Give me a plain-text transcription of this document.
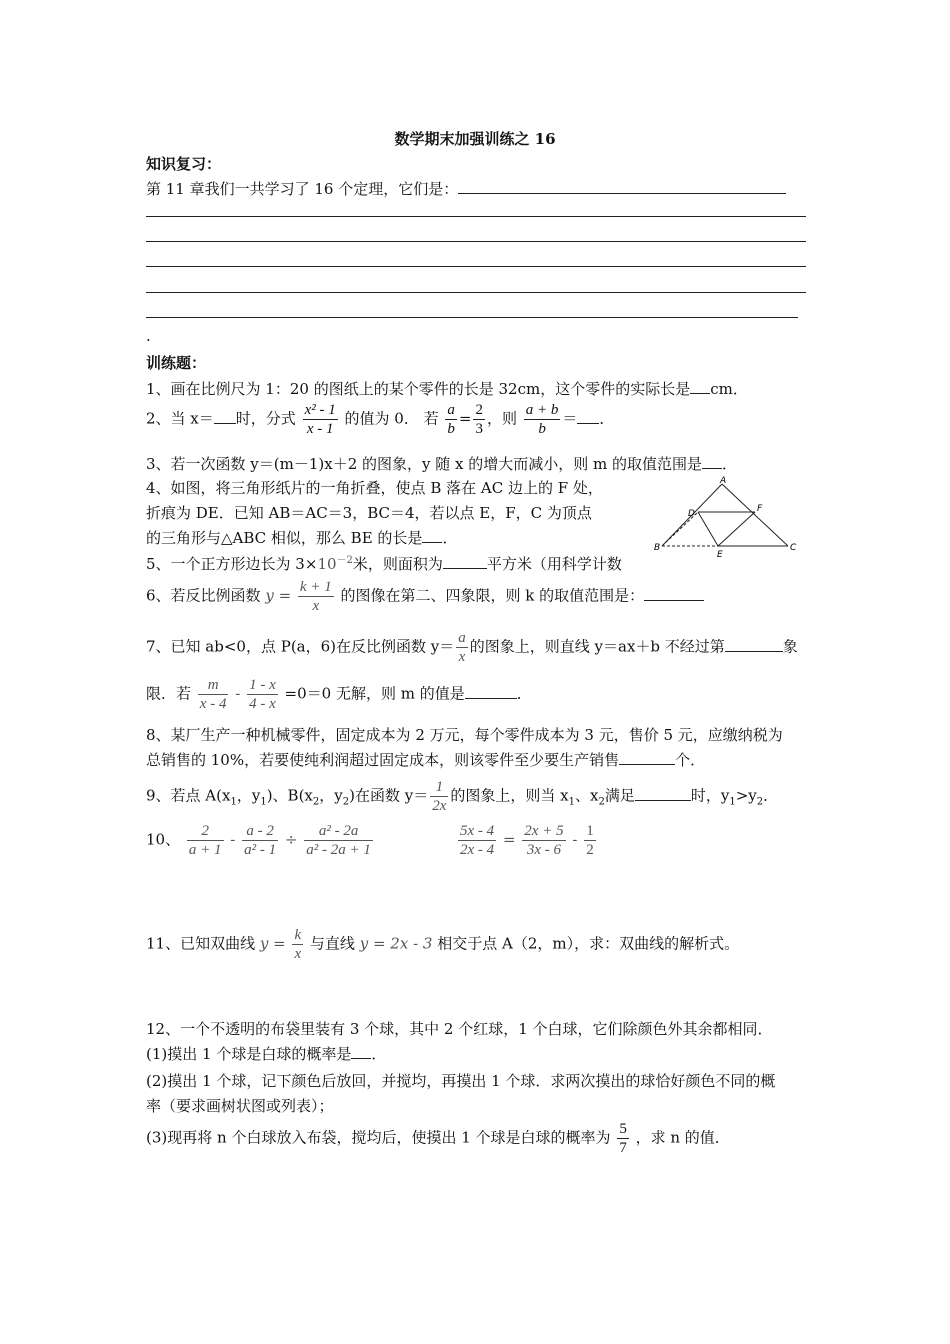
数学期末加强训练之 16
知识复习：
第 11 章我们一共学习了 16 个定理，它们是：
.
训练题：
1、画在比例尺为 1：20 的图纸上的某个零件的长是 32cm，这个零件的实际长是 cm．
2、当 x＝ 时，分式 $\frac{\text{x² - 1}}{x - 1}$ 的值为 0． 若 $\frac{a}{b} = \frac{2}{3}$ ，则 $\frac{a + b}{b}$ ＝ ．
3、若一次函数 y＝(m－1)x＋2 的图象，y 随 x 的增大而减小，则 m 的取值范围是 ．
4、如图，将三角形纸片的一角折叠，使点 B 落在 AC 边上的 F 处，
折痕为 DE．已知 AB＝AC＝3，BC＝4，若以点 E，F，C 为顶点
的三角形与△ABC 相似，那么 BE 的长是 ．
A
D	F
B
E
C
5、一个正方形边长为 $3\times 10^{-2}$米，则面积为	平方米（用科学计数
6、若反比例函数 $y = \frac{k + 1}{x}$ 的图像在第二、四象限，则 k 的取值范围是：
7、已知 ab<0，点 P(a，6)在反比例函数 $y= \frac{a}{x}$ 的图象上，则直线 y＝ax＋b 不经过第	象
限．若 $\frac{m}{x - 4} - \frac{1 - x}{4 - x} =0=0$ 无解，则 m 的值是	．
8、某厂生产一种机械零件，固定成本为 2 万元，每个零件成本为 3 元，售价 5 元，应缴纳税为
总销售的 10%，若要使纯利润超过固定成本，则该零件至少要生产销售	个．
9、若点 $A(x_1$，$y_1$)、$B(x_2$，$y_2$)在函数 $y= \frac{1}{2x}$ 的图象上，则当 $x_1$、$x_2$满足	时，$y_1>y_2$．
10、 $\frac{2}{a + 1} - \frac{a - 2}{\text{a² - 1}} \div \frac{\text{a² - 2a}}{\text{a² - 2a + 1}}$	$\frac{5x - 4}{2x - 4} = \frac{2x + 5}{3x - 6} - \frac{1}{2}$
11、已知双曲线 $y = \frac{k}{x}$ 与直线 y = 2x - 3 相交于点 A（2，m），求：双曲线的解析式。
12、一个不透明的布袋里装有 3 个球，其中 2 个红球，1 个白球，它们除颜色外其余都相同．
(1)摸出 1 个球是白球的概率是 ．
(2)摸出 1 个球，记下颜色后放回，并搅均，再摸出 1 个球．求两次摸出的球恰好颜色不同的概
率（要求画树状图或列表）；
(3)现再将 n 个白球放入布袋，搅均后，使摸出 1 个球是白球的概率为 $\frac{5}{7}$ ，求 n 的值．
